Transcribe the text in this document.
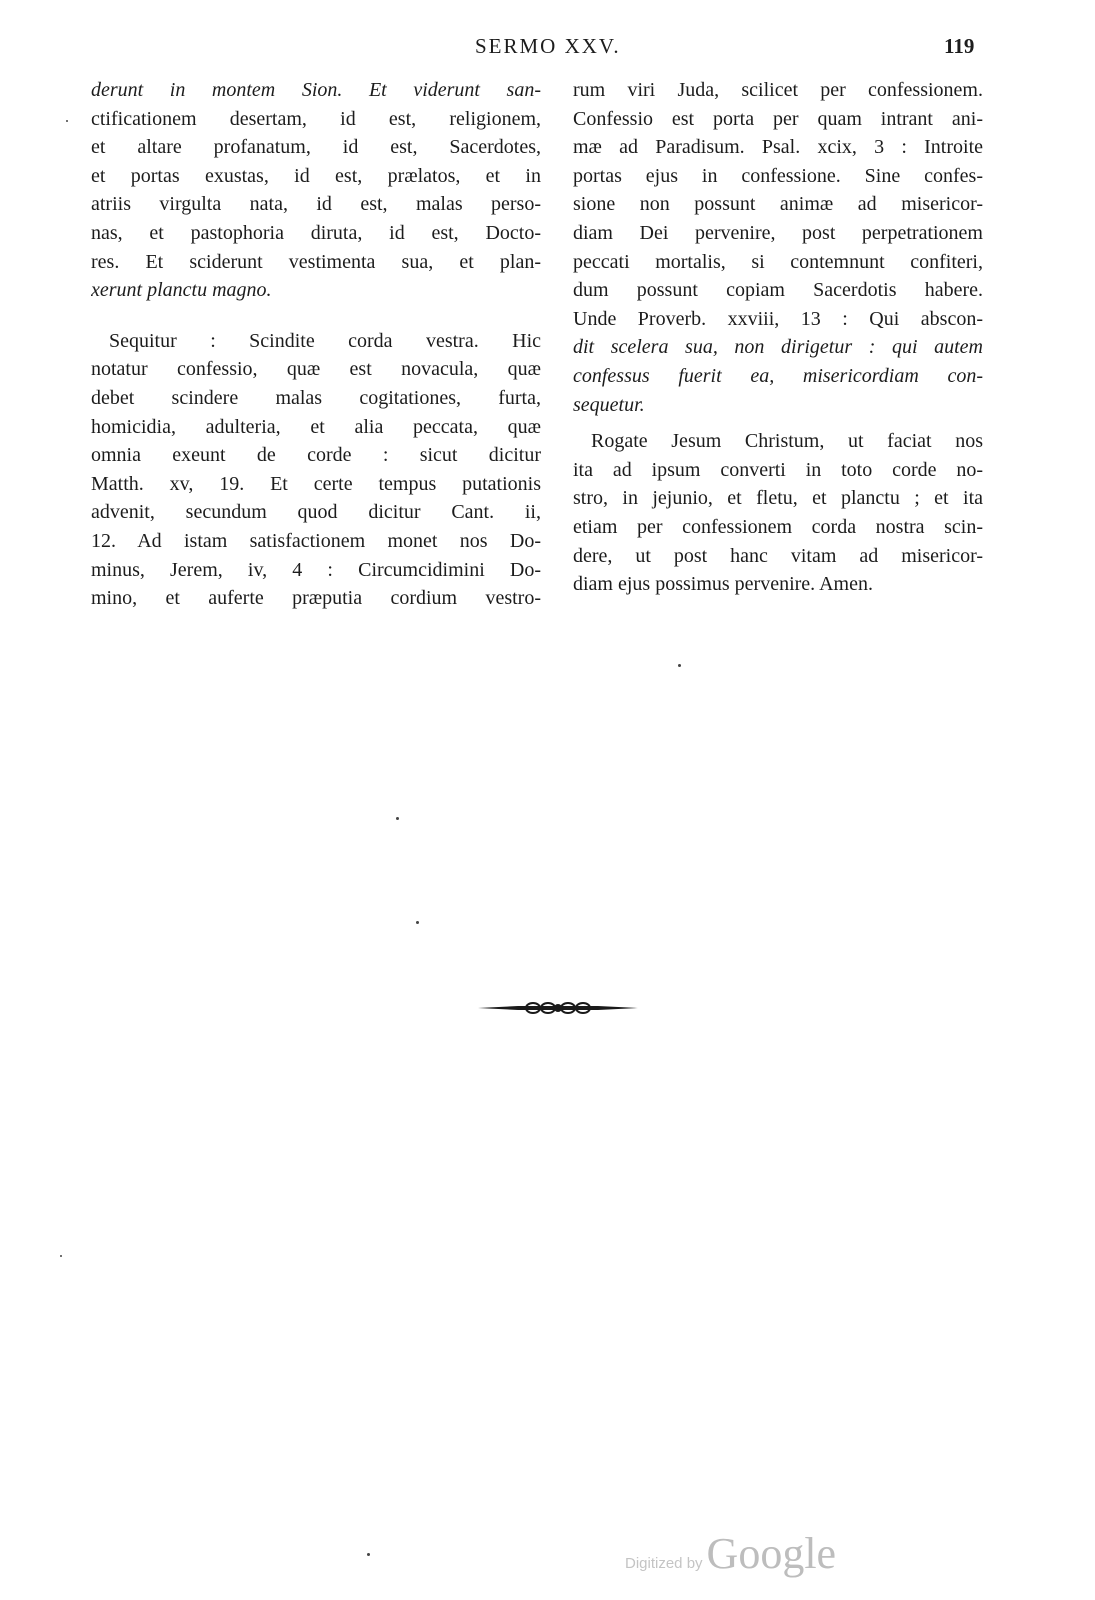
SERMO XXV.	119
derunt in montem Sion. Et viderunt san-
ctificationem desertam, id est, religionem,
et altare profanatum, id est, Sacerdotes,
et portas exustas, id est, prælatos, et in
atriis virgulta nata, id est, malas perso-
nas, et pastophoria diruta, id est, Docto-
res. Et sciderunt vestimenta sua, et plan-
xerunt planctu magno.
Sequitur : Scindite corda vestra. Hic
notatur confessio, quæ est novacula, quæ
debet scindere malas cogitationes, furta,
homicidia, adulteria, et alia peccata, quæ
omnia exeunt de corde : sicut dicitur
Matth. xv, 19. Et certe tempus putationis
advenit, secundum quod dicitur Cant. ii,
12. Ad istam satisfactionem monet nos Do-
minus, Jerem, iv, 4 : Circumcidimini Do-
mino, et auferte præputia cordium vestro-
rum viri Juda, scilicet per confessionem.
Confessio est porta per quam intrant ani-
mæ ad Paradisum. Psal. xcix, 3 : Introite
portas ejus in confessione. Sine confes-
sione non possunt animæ ad misericor-
diam Dei pervenire, post perpetrationem
peccati mortalis, si contemnunt confiteri,
dum possunt copiam Sacerdotis habere.
Unde Proverb. xxviii, 13 : Qui abscon-
dit scelera sua, non dirigetur : qui autem
confessus fuerit ea, misericordiam con-
sequetur.
Rogate Jesum Christum, ut faciat nos
ita ad ipsum converti in toto corde no-
stro, in jejunio, et fletu, et planctu ; et ita
etiam per confessionem corda nostra scin-
dere, ut post hanc vitam ad misericor-
diam ejus possimus pervenire. Amen.
Digitized byGoogle
